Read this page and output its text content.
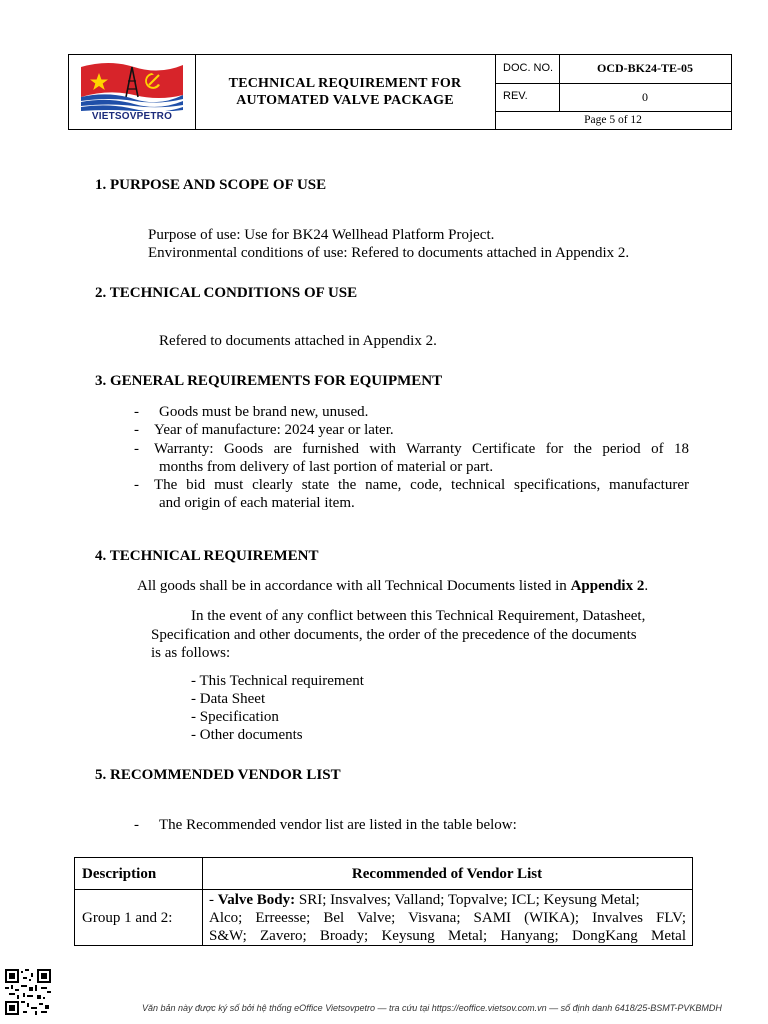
VIETSOVPETRO
TECHNICAL REQUIREMENT FOR
AUTOMATED VALVE PACKAGE
DOC. NO.	OCD-BK24-TE-05
REV.	0
Page 5 of 12
1. PURPOSE AND SCOPE OF USE
Purpose of use: Use for BK24 Wellhead Platform Project.
Environmental conditions of use: Refered to documents attached in Appendix 2.
2. TECHNICAL CONDITIONS OF USE
Refered to documents attached in Appendix 2.
3. GENERAL REQUIREMENTS FOR EQUIPMENT
- Goods must be brand new, unused.
- Year of manufacture: 2024 year or later.
- Warranty: Goods are furnished with Warranty Certificate for the period of 18
months from delivery of last portion of material or part.
- The bid must clearly state the name, code, technical specifications, manufacturer
and origin of each material item.
4. TECHNICAL REQUIREMENT
All goods shall be in accordance with all Technical Documents listed in Appendix 2.
In the event of any conflict between this Technical Requirement, Datasheet,
Specification and other documents, the order of the precedence of the documents
is as follows:
- This Technical requirement
- Data Sheet
- Specification
- Other documents
5. RECOMMENDED VENDOR LIST
- The Recommended vendor list are listed in the table below:
Description	Recommended of Vendor List
Group 1 and 2:
- Valve Body: SRI; Insvalves; Valland; Topvalve; ICL; Keysung Metal;
Alco; Erreesse; Bel Valve; Visvana; SAMI (WIKA); Invalves FLV;
S&W; Zavero; Broady; Keysung Metal; Hanyang; DongKang Metal
Văn bản này được ký số bởi hệ thống eOffice Vietsovpetro — tra cứu tại https://eoffice.vietsov.com.vn — số định danh 6418/25-BSMT-PVKBMDH
